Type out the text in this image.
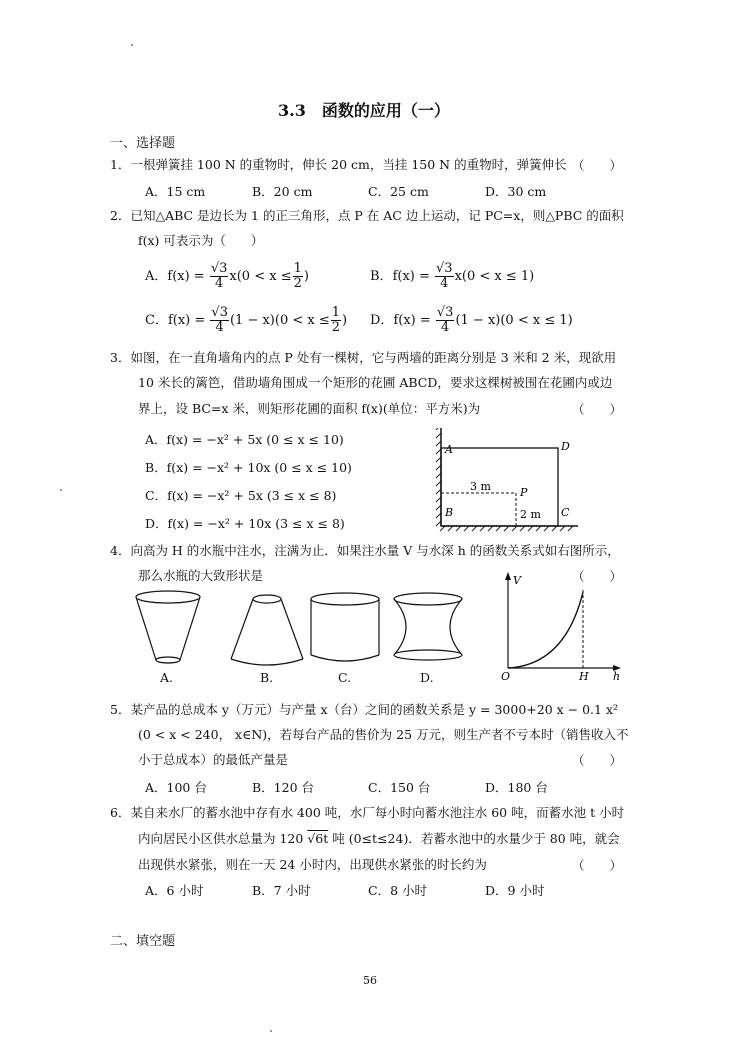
3.3　函数的应用（一）
一、选择题
1．一根弹簧挂 100 N 的重物时，伸长 20 cm，当挂 150 N 的重物时，弹簧伸长 （　　）
A．15 cm	B．20 cm	C．25 cm	D．30 cm
2．已知△ABC 是边长为 1 的正三角形，点 P 在 AC 边上运动，记 PC=x，则△PBC 的面积
f(x) 可表示为（　　）
A．$f(x) = \frac{√3}{4} x(0 < x \le \frac{1}{2}$ )	B．$f(x) = \frac{√3}{4} x(0 < x \le 1)$
C．$f(x) = \frac{√3}{4} (1 - x)(0 < x \le \frac{1}{2}$ ) D．$f(x) = \frac{√3}{4} (1 - x)(0 < x \le 1)$
3．如图，在一直角墙角内的点 P 处有一棵树，它与两墙的距离分别是 3 米和 2 米，现欲用
10 米长的篱笆，借助墙角围成一个矩形的花圃 ABCD，要求这棵树被围在花圃内或边
界上，设 BC=x 米，则矩形花圃的面积 f(x)(单位：平方米)为	（　　）
A．f(x) = −x² + 5x (0 ≤ x ≤ 10)
B．f(x) = −x² + 10x (0 ≤ x ≤ 10)
C．f(x) = −x² + 5x (3 ≤ x ≤ 8)
D．f(x) = −x² + 10x (3 ≤ x ≤ 8)
A	D
B	C
P
3 m
2 m
4．向高为 H 的水瓶中注水，注满为止．如果注水量 V 与水深 h 的函数关系式如右图所示，
那么水瓶的大致形状是	（　　）
A.	B.	C.	D.
V
O	H h
5．某产品的总成本 y（万元）与产量 x（台）之间的函数关系是 y = 3000+20 x − 0.1 x²
(0 < x < 240， x∈N)，若每台产品的售价为 25 万元，则生产者不亏本时（销售收入不
小于总成本）的最低产量是	（　　）
A．100 台	B．120 台	C．150 台	D．180 台
6．某自来水厂的蓄水池中存有水 400 吨，水厂每小时向蓄水池注水 60 吨，而蓄水池 t 小时
内向居民小区供水总量为 120 √6t 吨 (0≤t≤24)．若蓄水池中的水量少于 80 吨，就会
出现供水紧张，则在一天 24 小时内，出现供水紧张的时长约为	（　　）
A．6 小时	B．7 小时	C．8 小时	D．9 小时
二、填空题
56
